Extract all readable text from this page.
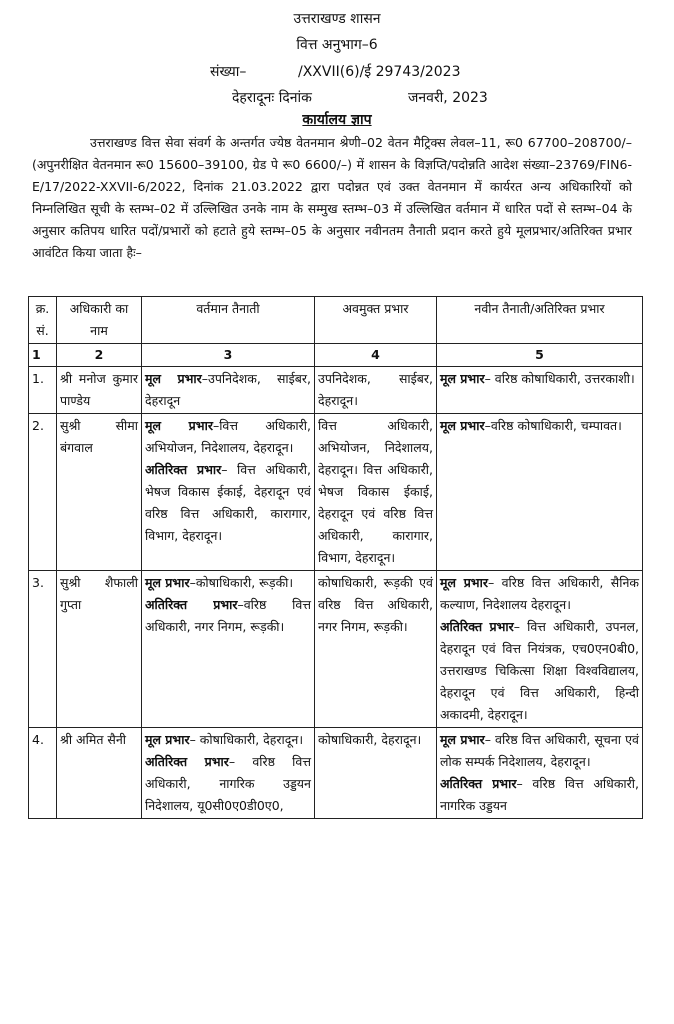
उत्तराखण्ड शासन
वित्त अनुभाग–6
संख्या–	/XXVII(6)/ई 29743/2023
देहरादूनः दिनांक	जनवरी, 2023
कार्यालय ज्ञाप

उत्तराखण्ड वित्त सेवा संवर्ग के अन्तर्गत ज्येष्ठ वेतनमान श्रेणी–02 वेतन मैट्रिक्स लेवल–11, रू0 67700–208700/– (अपुनरीक्षित वेतनमान रू0 15600–39100, ग्रेड पे रू0 6600/–) में शासन के विज्ञप्ति/पदोन्नति आदेश संख्या–23769/FIN6-E/17/2022-XXVII-6/2022, दिनांक 21.03.2022 द्वारा पदोन्नत एवं उक्त वेतनमान में कार्यरत अन्य अधिकारियों को निम्नलिखित सूची के स्तम्भ–02 में उल्लिखित उनके नाम के सम्मुख स्तम्भ–03 में उल्लिखित वर्तमान में धारित पदों से स्तम्भ–04 के अनुसार कतिपय धारित पदों/प्रभारों को हटाते हुये स्तम्भ–05 के अनुसार नवीनतम तैनाती प्रदान करते हुये मूलप्रभार/अतिरिक्त प्रभार आवंटित किया जाता हैः–

क्र. सं.	अधिकारी का नाम	वर्तमान तैनाती	अवमुक्त प्रभार	नवीन तैनाती/अतिरिक्त प्रभार
1	2	3	4	5
1.	श्री मनोज कुमार पाण्डेय	मूल प्रभार–उपनिदेशक, साईबर, देहरादून	उपनिदेशक, साईबर, देहरादून।	मूल प्रभार– वरिष्ठ कोषाधिकारी, उत्तरकाशी।
2.	सुश्री सीमा बंगवाल	मूल प्रभार–वित्त अधिकारी, अभियोजन, निदेशालय, देहरादून।
अतिरिक्त प्रभार– वित्त अधिकारी, भेषज विकास ईकाई, देहरादून एवं वरिष्ठ वित्त अधिकारी, कारागार, विभाग, देहरादून।	वित्त अधिकारी, अभियोजन, निदेशालय, देहरादून। वित्त अधिकारी, भेषज विकास ईकाई, देहरादून एवं वरिष्ठ वित्त अधिकारी, कारागार, विभाग, देहरादून।	मूल प्रभार–वरिष्ठ कोषाधिकारी, चम्पावत।
3.	सुश्री शैफाली गुप्ता	मूल प्रभार–कोषाधिकारी, रूड़की।
अतिरिक्त प्रभार–वरिष्ठ वित्त अधिकारी, नगर निगम, रूड़की।	कोषाधिकारी, रूड़की एवं वरिष्ठ वित्त अधिकारी, नगर निगम, रूड़की।	मूल प्रभार– वरिष्ठ वित्त अधिकारी, सैनिक कल्याण, निदेशालय देहरादून।
अतिरिक्त प्रभार– वित्त अधिकारी, उपनल, देहरादून एवं वित्त नियंत्रक, एच0एन0बी0, उत्तराखण्ड चिकित्सा शिक्षा विश्वविद्यालय, देहरादून एवं वित्त अधिकारी, हिन्दी अकादमी, देहरादून।

4.	श्री अमित सैनी	मूल प्रभार– कोषाधिकारी, देहरादून।
अतिरिक्त प्रभार– वरिष्ठ वित्त अधिकारी, नागरिक उड्डयन निदेशालय, यू0सी0ए0डी0ए0,	कोषाधिकारी, देहरादून।	मूल प्रभार– वरिष्ठ वित्त अधिकारी, सूचना एवं लोक सम्पर्क निदेशालय, देहरादून।
अतिरिक्त प्रभार– वरिष्ठ वित्त अधिकारी, नागरिक उड्डयन
